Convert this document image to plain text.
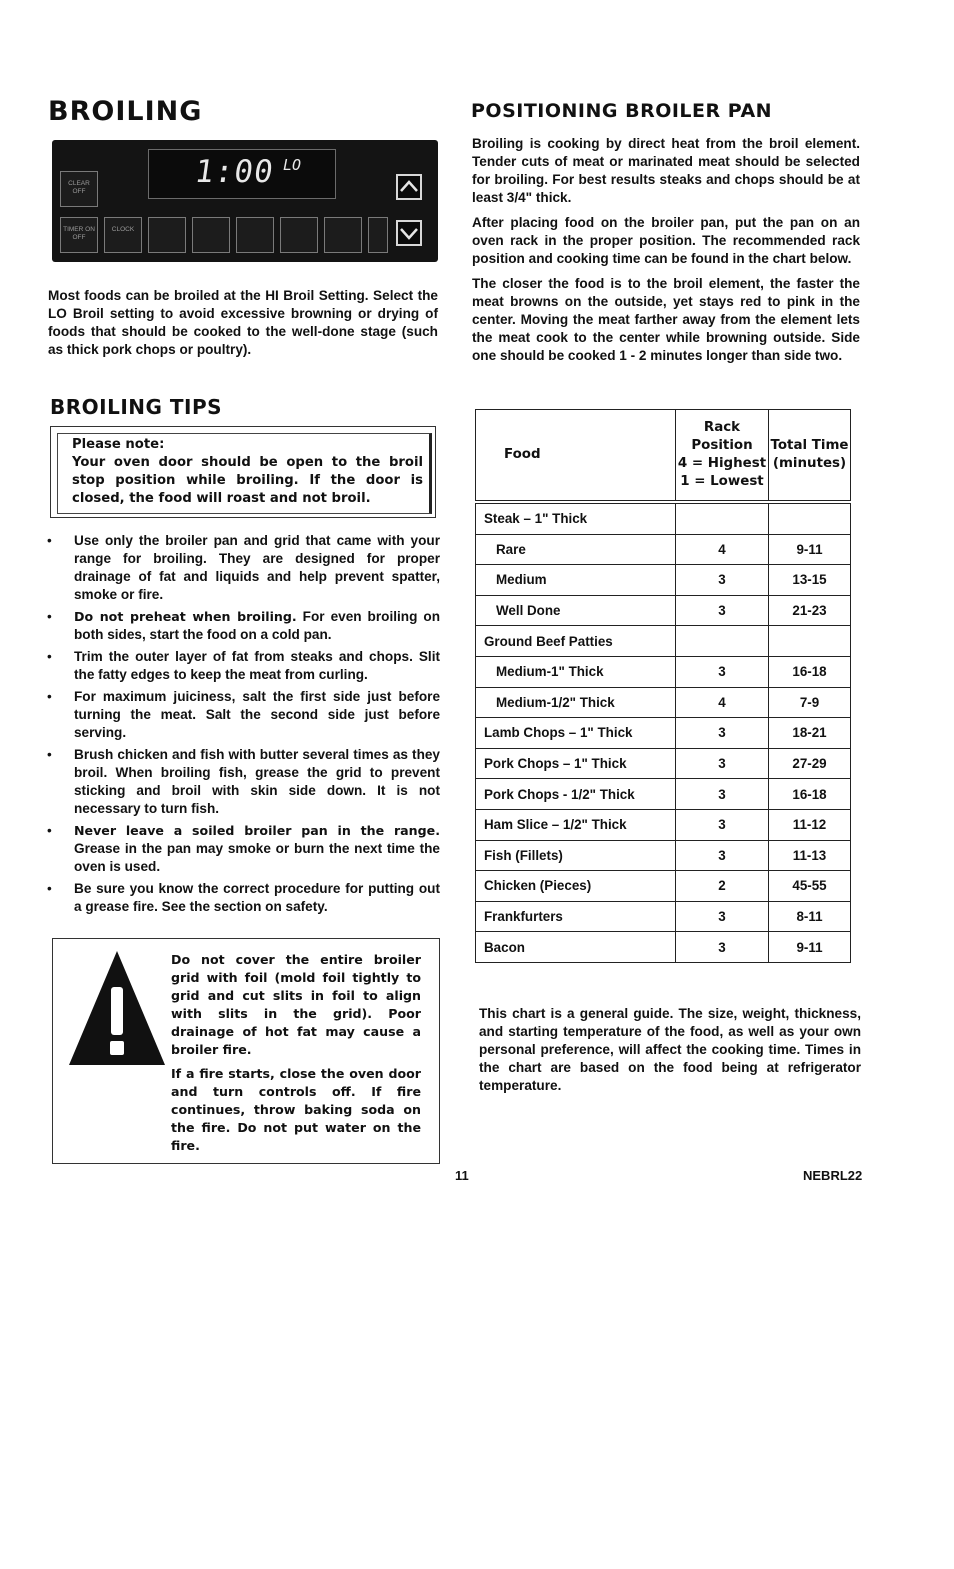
BROILING
1:00 LO
CLEAR OFF
TIMER ON OFF
CLOCK
Most foods can be broiled at the HI Broil Setting. Select the LO Broil setting to avoid excessive browning or drying of foods that should be cooked to the well-done stage (such as thick pork chops or poultry).
BROILING TIPS
Please note:
Your oven door should be open to the broil stop position while broiling. If the door is closed, the food will roast and not broil.
• Use only the broiler pan and grid that came with your range for broiling. They are designed for proper drainage of fat and liquids and help prevent spatter, smoke or fire.
• Do not preheat when broiling. For even broiling on both sides, start the food on a cold pan.
• Trim the outer layer of fat from steaks and chops. Slit the fatty edges to keep the meat from curling.
• For maximum juiciness, salt the first side just before turning the meat. Salt the second side just before serving.
• Brush chicken and fish with butter several times as they broil. When broiling fish, grease the grid to prevent sticking and broil with skin side down. It is not necessary to turn fish.
• Never leave a soiled broiler pan in the range. Grease in the pan may smoke or burn the next time the oven is used.
• Be sure you know the correct procedure for putting out a grease fire. See the section on safety.

Do not cover the entire broiler grid with foil (mold foil tightly to grid and cut slits in foil to align with slits in the grid). Poor drainage of hot fat may cause a broiler fire.

If a fire starts, close the oven door and turn controls off. If fire continues, throw baking soda on the fire. Do not put water on the fire.

POSITIONING BROILER PAN

Broiling is cooking by direct heat from the broil element. Tender cuts of meat or marinated meat should be selected for broiling. For best results steaks and chops should be at least 3/4" thick.

After placing food on the broiler pan, put the pan on an oven rack in the proper position. The recommended rack position and cooking time can be found in the chart below.

The closer the food is to the broil element, the faster the meat browns on the outside, yet stays red to pink in the center. Moving the meat farther away from the element lets the meat cook to the center while browning outside. Side one should be cooked 1 - 2 minutes longer than side two.

Food	Rack
Position
4 = Highest
1 = Lowest	Total Time
(minutes)
Steak – 1" Thick		
Rare	4	9-11
Medium	3	13-15
Well Done	3	21-23
Ground Beef Patties		
Medium-1" Thick	3	16-18
Medium-1/2" Thick	4	7-9
Lamb Chops – 1" Thick	3	18-21
Pork Chops – 1" Thick	3	27-29
Pork Chops - 1/2" Thick	3	16-18
Ham Slice – 1/2" Thick	3	11-12
Fish (Fillets)	3	11-13
Chicken (Pieces)	2	45-55
Frankfurters	3	8-11
Bacon	3	9-11
This chart is a general guide. The size, weight, thickness, and starting temperature of the food, as well as your own personal preference, will affect the cooking time. Times in the chart are based on the food being at refrigerator temperature.
11	NEBRL22
